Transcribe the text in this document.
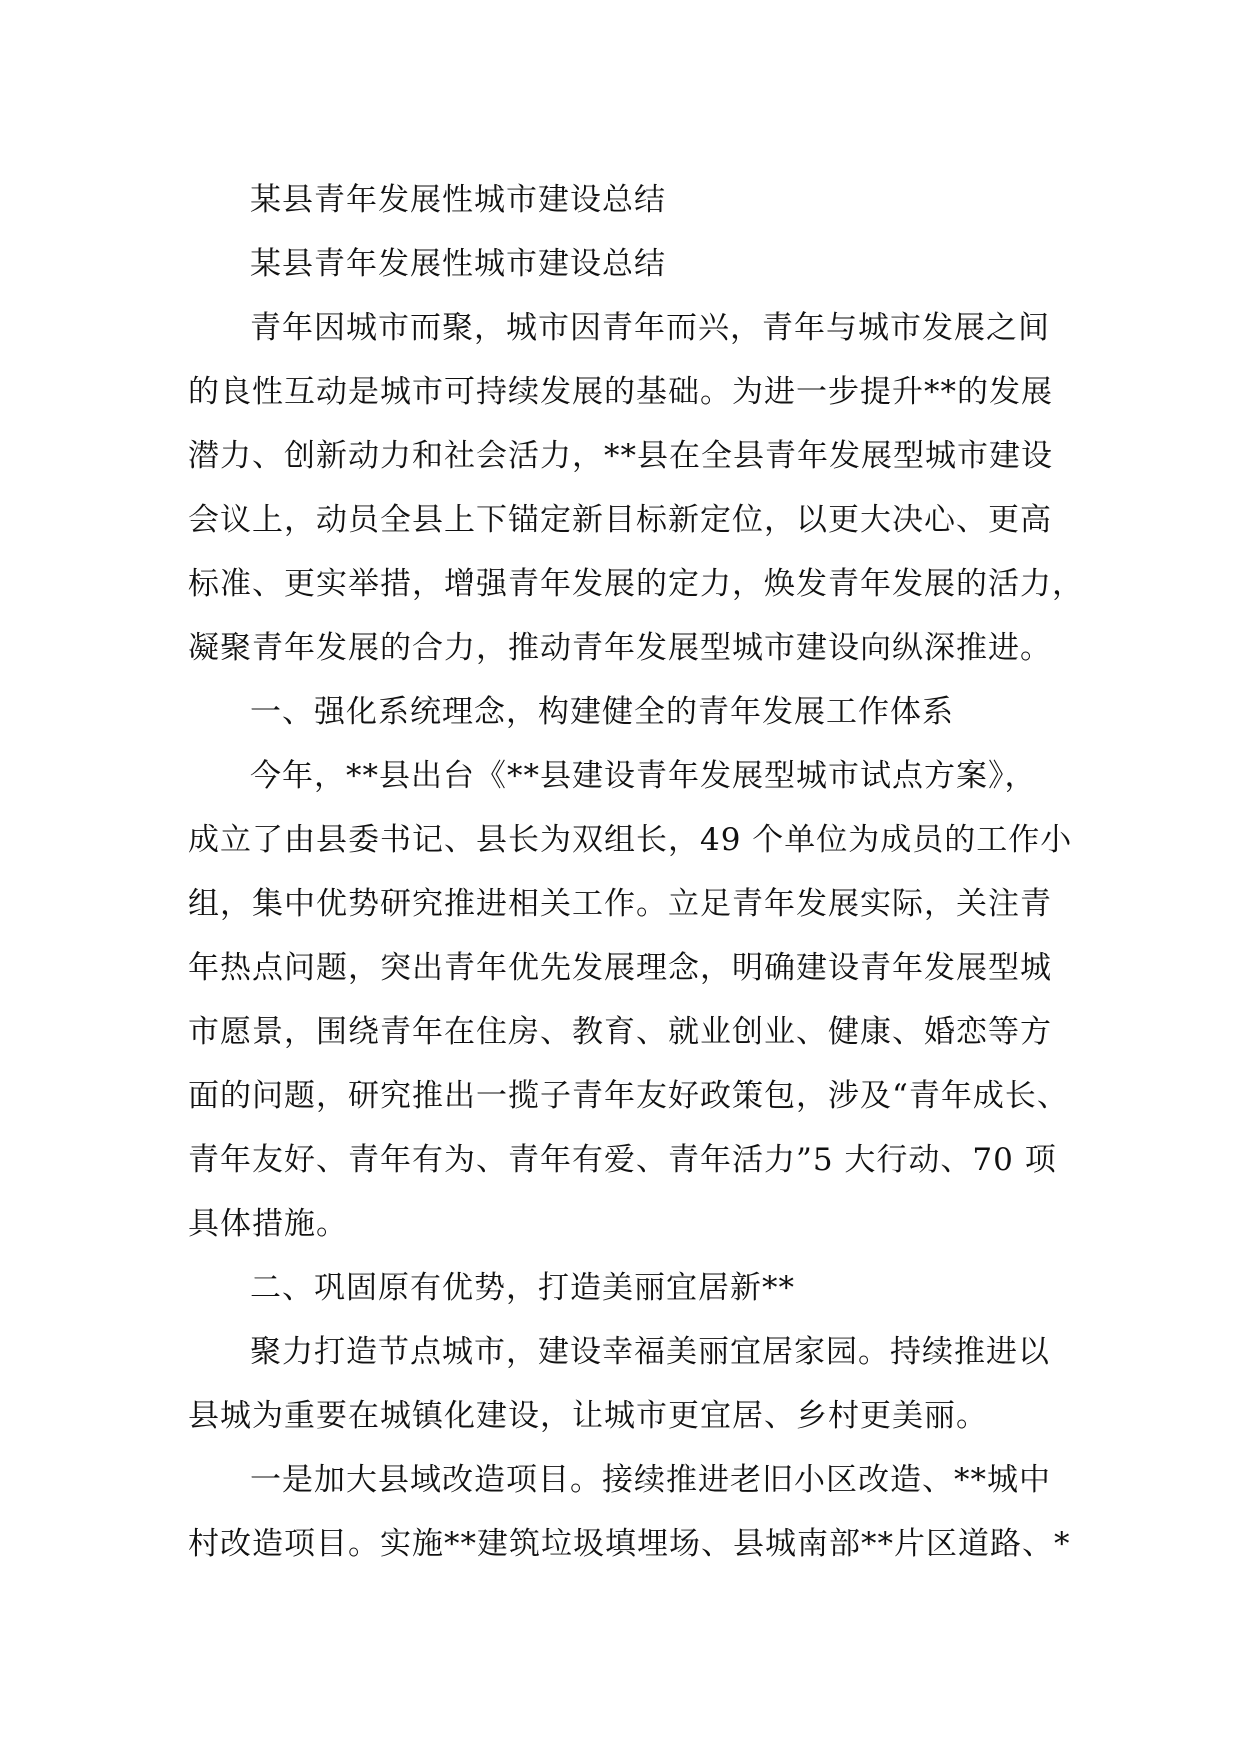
某县青年发展性城市建设总结
某县青年发展性城市建设总结
青年因城市而聚，城市因青年而兴，青年与城市发展之间
的良性互动是城市可持续发展的基础。为进一步提升**的发展
潜力、创新动力和社会活力，**县在全县青年发展型城市建设
会议上，动员全县上下锚定新目标新定位，以更大决心、更高
标准、更实举措，增强青年发展的定力，焕发青年发展的活力，
凝聚青年发展的合力，推动青年发展型城市建设向纵深推进。
一、强化系统理念，构建健全的青年发展工作体系
今年，**县出台《**县建设青年发展型城市试点方案》，
成立了由县委书记、县长为双组长，49 个单位为成员的工作小
组，集中优势研究推进相关工作。立足青年发展实际，关注青
年热点问题，突出青年优先发展理念，明确建设青年发展型城
市愿景，围绕青年在住房、教育、就业创业、健康、婚恋等方
面的问题，研究推出一揽子青年友好政策包，涉及“青年成长、
青年友好、青年有为、青年有爱、青年活力”5 大行动、70 项
具体措施。
二、巩固原有优势，打造美丽宜居新**
聚力打造节点城市，建设幸福美丽宜居家园。持续推进以
县城为重要在城镇化建设，让城市更宜居、乡村更美丽。
一是加大县域改造项目。接续推进老旧小区改造、**城中
村改造项目。实施**建筑垃圾填埋场、县城南部**片区道路、*
